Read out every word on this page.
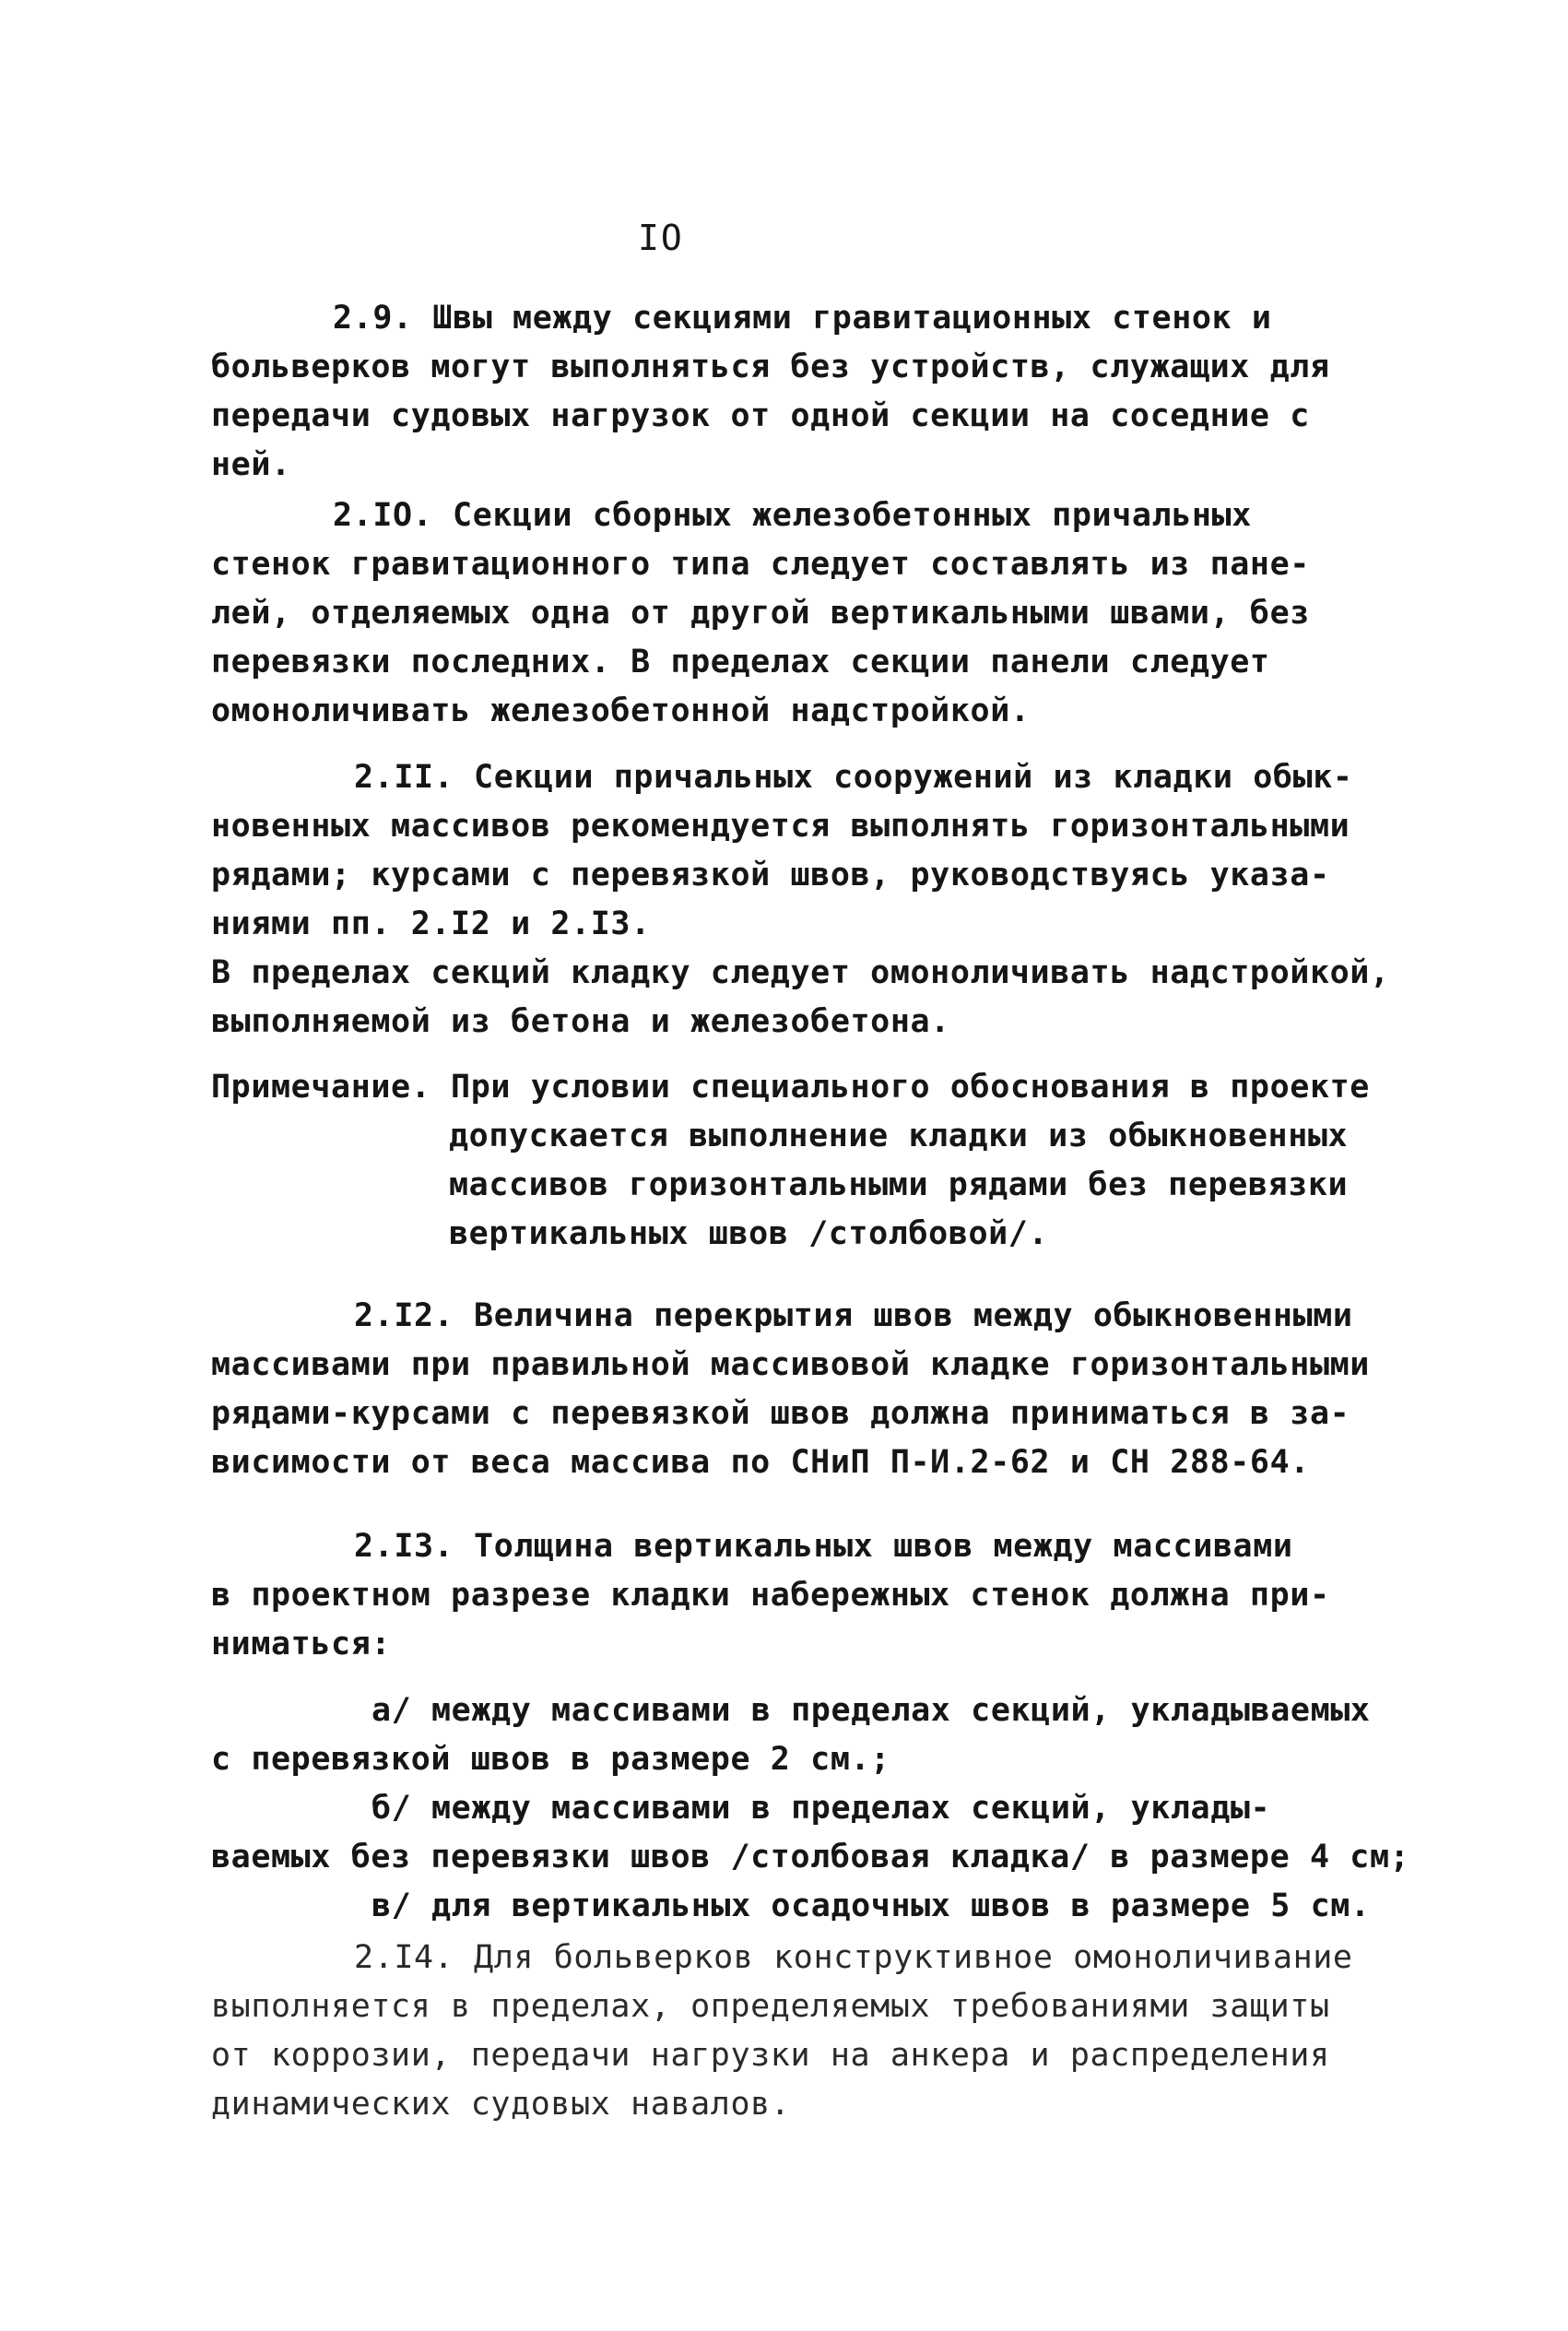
IO
2.9. Швы между секциями гравитационных стенок и
больверков могут выполняться без устройств, служащих для
передачи судовых нагрузок от одной секции на соседние с
ней.
2.IO. Секции сборных железобетонных причальных
стенок гравитационного типа следует составлять из пане-
лей, отделяемых одна от другой вертикальными швами, без
перевязки последних. В пределах секции панели следует
омоноличивать железобетонной надстройкой.
2.II. Секции причальных сооружений из кладки обык-
новенных массивов рекомендуется выполнять горизонтальными
рядами; курсами с перевязкой швов, руководствуясь указа-
ниями пп. 2.I2 и 2.I3.
В пределах секций кладку следует омоноличивать надстройкой,
выполняемой из бетона и железобетона.
Примечание. При условии специального обоснования в проекте
допускается выполнение кладки из обыкновенных
массивов горизонтальными рядами без перевязки
вертикальных швов /столбовой/.
2.I2. Величина перекрытия швов между обыкновенными
массивами при правильной массивовой кладке горизонтальными
рядами-курсами с перевязкой швов должна приниматься в за-
висимости от веса массива по СНиП П-И.2-62 и СН 288-64.
2.I3. Толщина вертикальных швов между массивами
в проектном разрезе кладки набережных стенок должна при-
ниматься:
а/ между массивами в пределах секций, укладываемых
с перевязкой швов в размере 2 см.;
б/ между массивами в пределах секций, уклады-
ваемых без перевязки швов /столбовая кладка/ в размере 4 см;
в/ для вертикальных осадочных швов в размере 5 см.
2.I4. Для больверков конструктивное омоноличивание
выполняется в пределах, определяемых требованиями защиты
от коррозии, передачи нагрузки на анкера и распределения
динамических судовых навалов.
